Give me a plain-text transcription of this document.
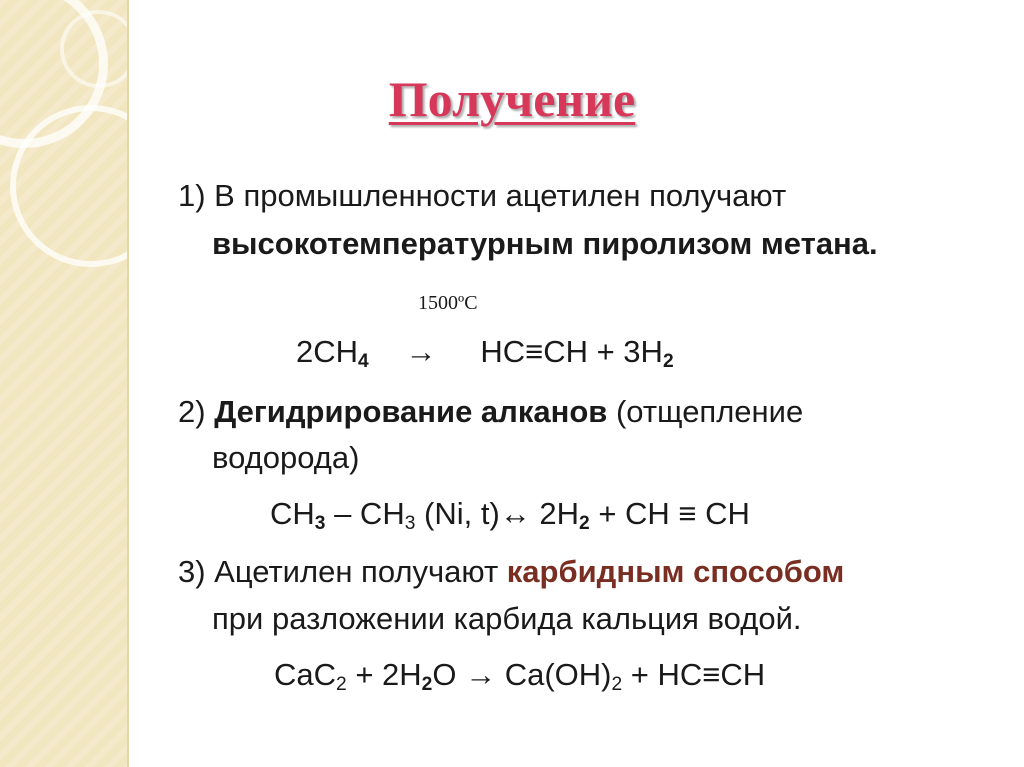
Получение
1) В промышленности ацетилен получают
высокотемпературным пиролизом метана.
1500ºC
$2CH_4 \to HC\equiv CH + 3H_2$
2) Дегидрирование алканов (отщепление
водорода)
$CH_3 - CH_3$ (Ni, t)↔ $2H_2$ + CH ≡ CH
3) Ацетилен получают карбидным способом
при разложении карбида кальция водой.
$CaC_2 + 2H_2O \to Ca(OH)_2 + HC\equiv CH$
